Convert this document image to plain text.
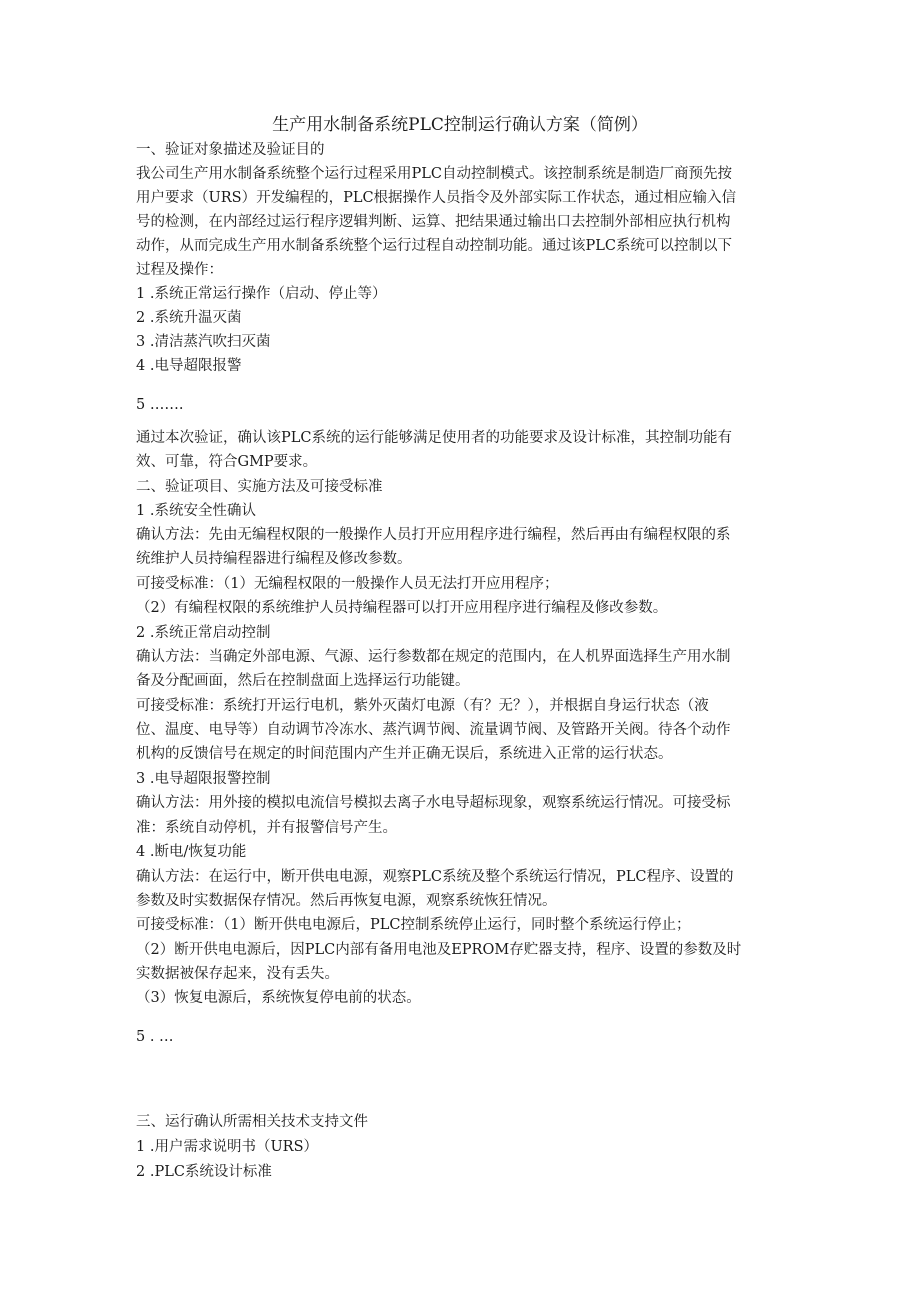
生产用水制备系统PLC控制运行确认方案（简例）
一、验证对象描述及验证目的
我公司生产用水制备系统整个运行过程采用PLC自动控制模式。该控制系统是制造厂商预先按
用户要求（URS）开发编程的，PLC根据操作人员指令及外部实际工作状态，通过相应输入信
号的检测，在内部经过运行程序逻辑判断、运算、把结果通过输出口去控制外部相应执行机构
动作，从而完成生产用水制备系统整个运行过程自动控制功能。通过该PLC系统可以控制以下
过程及操作：
1 .系统正常运行操作（启动、停止等）
2 .系统升温灭菌
3 .清洁蒸汽吹扫灭菌
4 .电导超限报警
5 …….
通过本次验证，确认该PLC系统的运行能够满足使用者的功能要求及设计标准，其控制功能有
效、可靠，符合GMP要求。
二、验证项目、实施方法及可接受标准
1 .系统安全性确认
确认方法：先由无编程权限的一般操作人员打开应用程序进行编程，然后再由有编程权限的系
统维护人员持编程器进行编程及修改参数。
可接受标准：（1）无编程权限的一般操作人员无法打开应用程序；
（2）有编程权限的系统维护人员持编程器可以打开应用程序进行编程及修改参数。
2 .系统正常启动控制
确认方法：当确定外部电源、气源、运行参数都在规定的范围内，在人机界面选择生产用水制
备及分配画面，然后在控制盘面上选择运行功能键。
可接受标准：系统打开运行电机，紫外灭菌灯电源（有？无？），并根据自身运行状态（液
位、温度、电导等）自动调节冷冻水、蒸汽调节阀、流量调节阀、及管路开关阀。待各个动作
机构的反馈信号在规定的时间范围内产生并正确无误后，系统进入正常的运行状态。
3 .电导超限报警控制
确认方法：用外接的模拟电流信号模拟去离子水电导超标现象，观察系统运行情况。可接受标
准：系统自动停机，并有报警信号产生。
4 .断电/恢复功能
确认方法：在运行中，断开供电电源，观察PLC系统及整个系统运行情况，PLC程序、设置的
参数及时实数据保存情况。然后再恢复电源，观察系统恢狂情况。
可接受标准：（1）断开供电电源后，PLC控制系统停止运行，同时整个系统运行停止；
（2）断开供电电源后，因PLC内部有备用电池及EPROM存贮器支持，程序、设置的参数及时
实数据被保存起来，没有丢失。
（3）恢复电源后，系统恢复停电前的状态。
5 . …
三、运行确认所需相关技术支持文件
1 .用户需求说明书（URS）
2 .PLC系统设计标准
